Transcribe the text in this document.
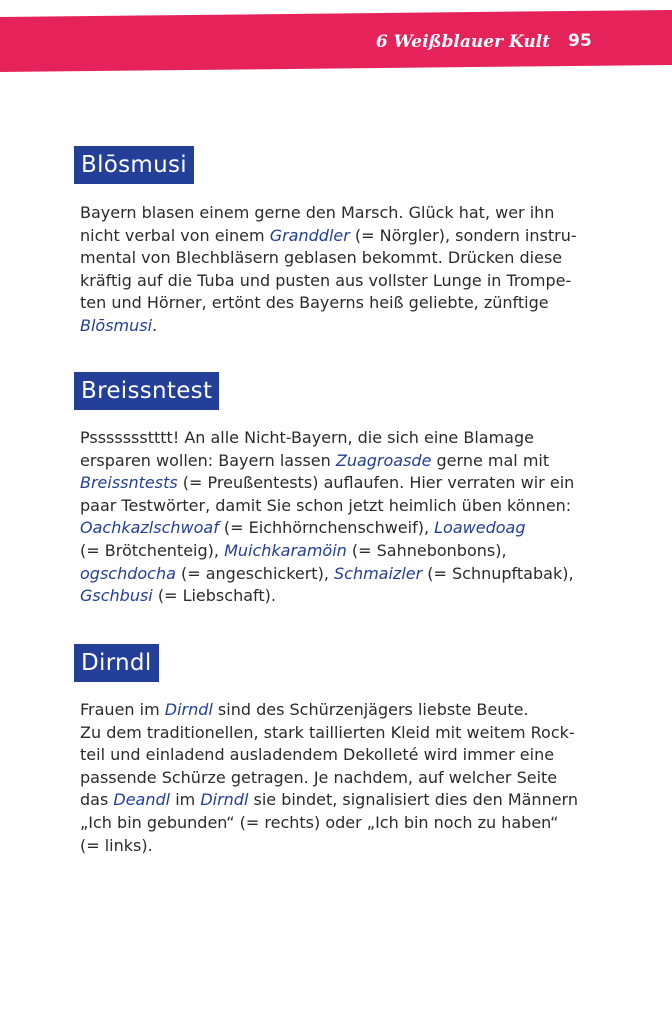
6 Weißblauer Kult 95
Blōsmusi
Bayern blasen einem gerne den Marsch. Glück hat, wer ihn
nicht verbal von einem Granddler (= Nörgler), sondern instru-
mental von Blechbläsern geblasen bekommt. Drücken diese
kräftig auf die Tuba und pusten aus vollster Lunge in Trompe-
ten und Hörner, ertönt des Bayerns heiß geliebte, zünftige
Blōsmusi.
Breissntest
Pssssssstttt! An alle Nicht-Bayern, die sich eine Blamage
ersparen wollen: Bayern lassen Zuagroasde gerne mal mit
Breissntests (= Preußentests) auflaufen. Hier verraten wir ein
paar Testwörter, damit Sie schon jetzt heimlich üben können:
Oachkazlschwoaf (= Eichhörnchenschweif), Loawedoag
(= Brötchenteig), Muichkaramöin (= Sahnebonbons),
ogschdocha (= angeschickert), Schmaizler (= Schnupftabak),
Gschbusi (= Liebschaft).
Dirndl
Frauen im Dirndl sind des Schürzenjägers liebste Beute.
Zu dem traditionellen, stark taillierten Kleid mit weitem Rock-
teil und einladend ausladendem Dekolleté wird immer eine
passende Schürze getragen. Je nachdem, auf welcher Seite
das Deandl im Dirndl sie bindet, signalisiert dies den Männern
„Ich bin gebunden“ (= rechts) oder „Ich bin noch zu haben“
(= links).
